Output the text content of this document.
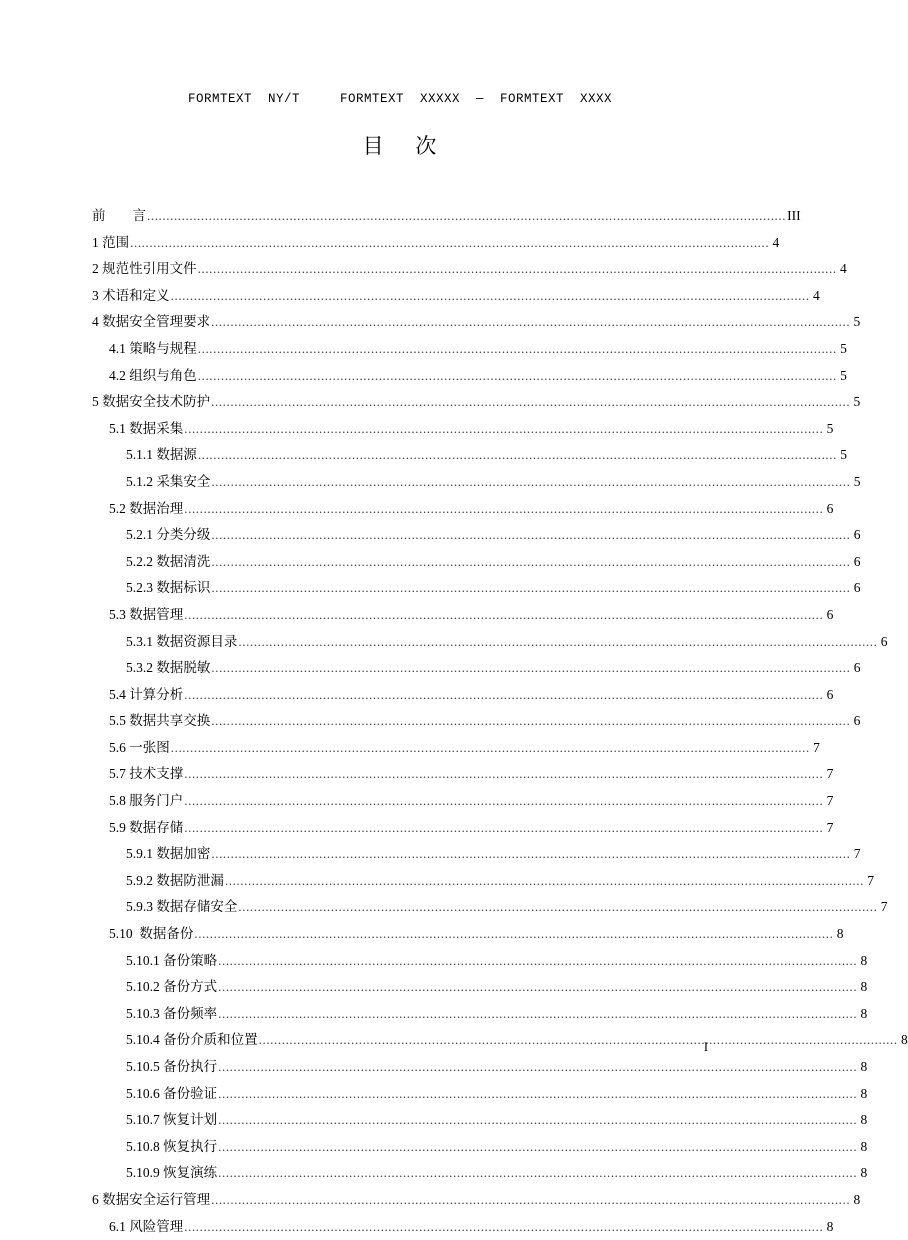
FORMTEXT  NY/T     FORMTEXT  XXXXX  —  FORMTEXT  XXXX
目    次
前        言 .....	III
1 范围 .....	4
2 规范性引用文件 .....	4
3 术语和定义 .....	4
4 数据安全管理要求 .....	5
4.1 策略与规程 .....	5
4.2 组织与角色 .....	5
5 数据安全技术防护 .....	5
5.1 数据采集 .....	5
5.1.1 数据源 .....	5
5.1.2 采集安全 .....	5
5.2 数据治理 .....	6
5.2.1 分类分级 .....	6
5.2.2 数据清洗 .....	6
5.2.3 数据标识 .....	6
5.3 数据管理 .....	6
5.3.1 数据资源目录 .....	6
5.3.2 数据脱敏 .....	6
5.4 计算分析 .....	6
5.5 数据共享交换 .....	6
5.6 一张图 .....	7
5.7 技术支撑 .....	7
5.8 服务门户 .....	7
5.9 数据存储 .....	7
5.9.1 数据加密 .....	7
5.9.2 数据防泄漏 .....	7
5.9.3 数据存储安全 .....	7
5.10  数据备份 .....	8
5.10.1 备份策略 .....	8
5.10.2 备份方式 .....	8
5.10.3 备份频率 .....	8
5.10.4 备份介质和位置 .....	8
5.10.5 备份执行 .....	8
5.10.6 备份验证 .....	8
5.10.7 恢复计划 .....	8
5.10.8 恢复执行 .....	8
5.10.9 恢复演练 .....	8
6 数据安全运行管理 .....	8
6.1 风险管理 .....	8
I
